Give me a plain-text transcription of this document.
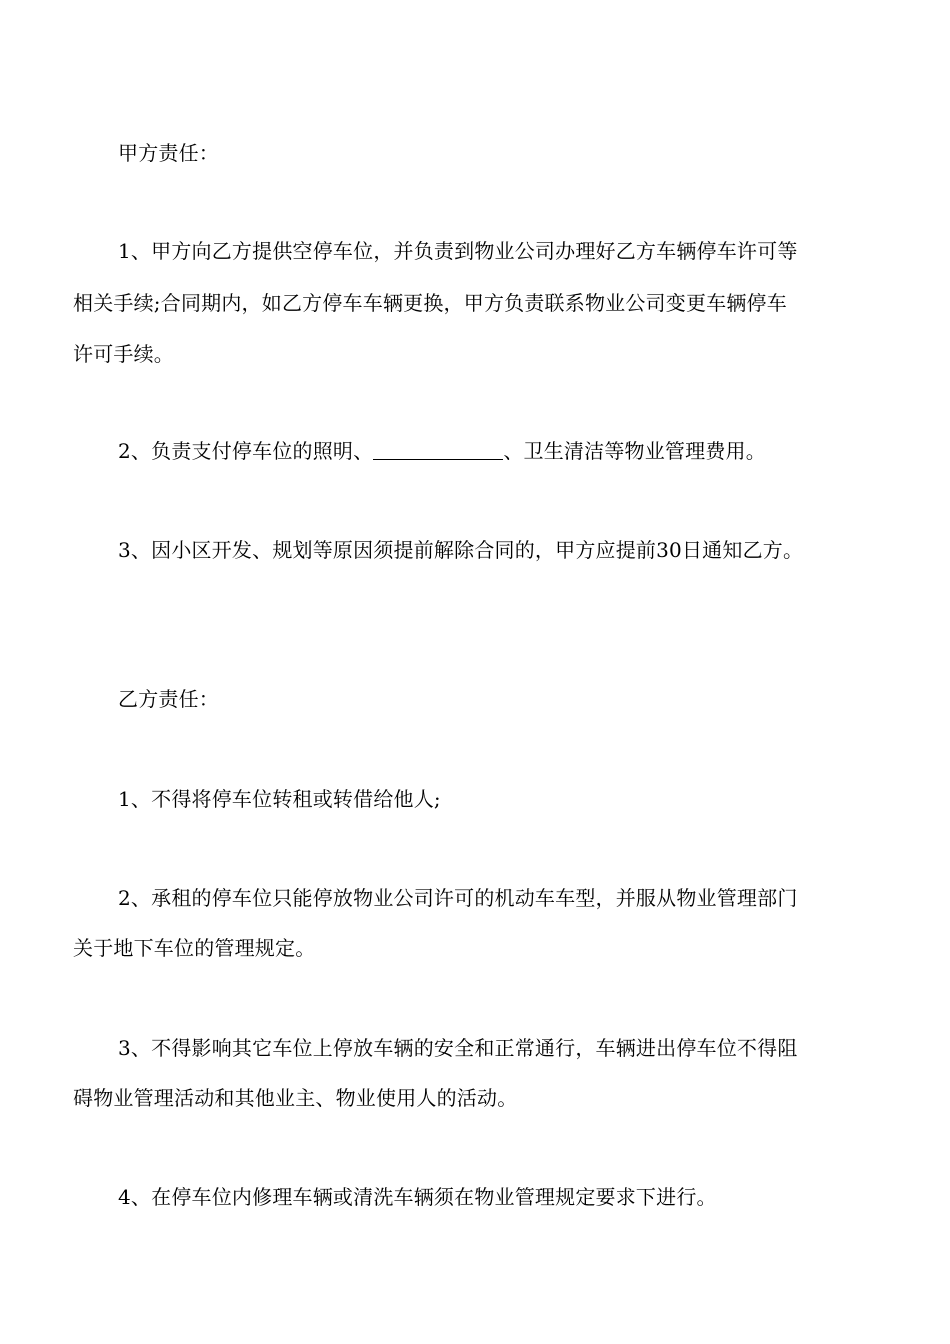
甲方责任：
1、甲方向乙方提供空停车位，并负责到物业公司办理好乙方车辆停车许可等
相关手续;合同期内，如乙方停车车辆更换，甲方负责联系物业公司变更车辆停车
许可手续。
2、负责支付停车位的照明、	、卫生清洁等物业管理费用。
3、因小区开发、规划等原因须提前解除合同的，甲方应提前30日通知乙方。
乙方责任：
1、不得将停车位转租或转借给他人;
2、承租的停车位只能停放物业公司许可的机动车车型，并服从物业管理部门
关于地下车位的管理规定。
3、不得影响其它车位上停放车辆的安全和正常通行，车辆进出停车位不得阻
碍物业管理活动和其他业主、物业使用人的活动。
4、在停车位内修理车辆或清洗车辆须在物业管理规定要求下进行。
